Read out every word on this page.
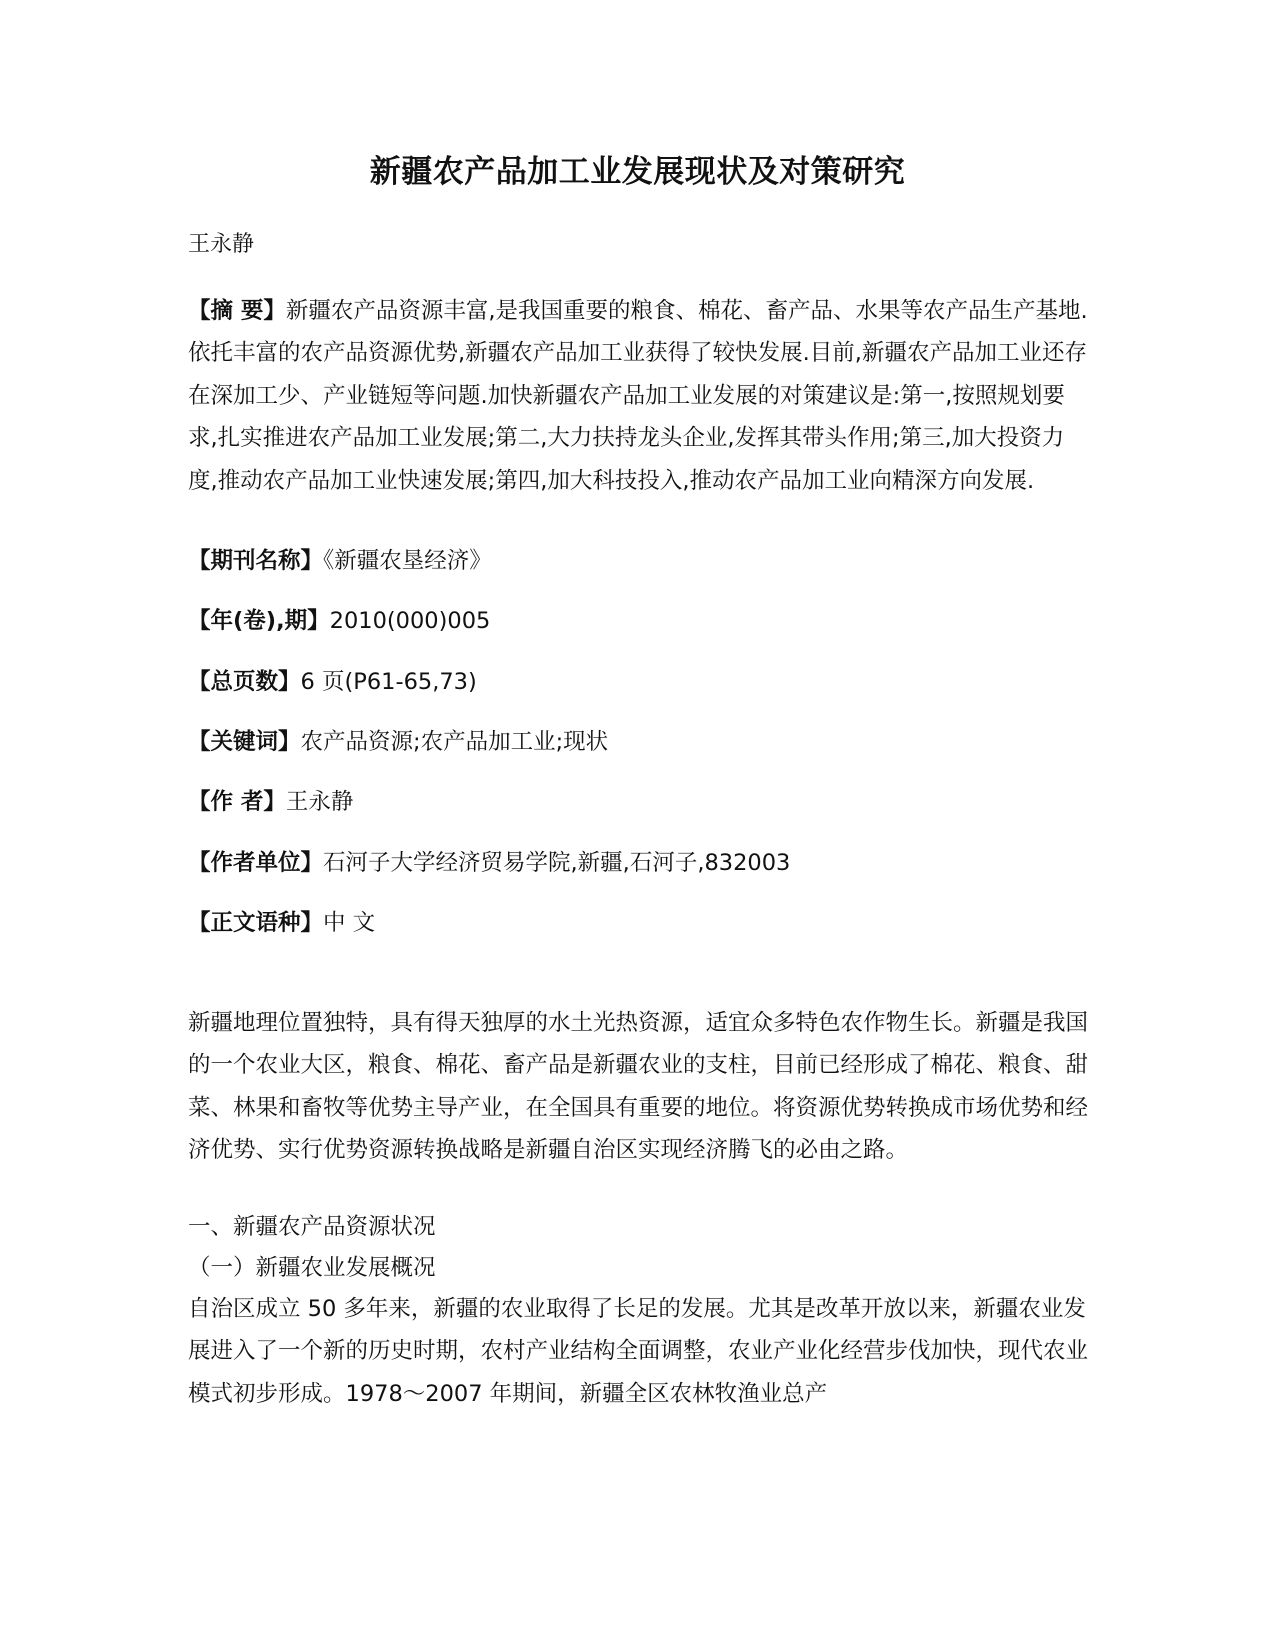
新疆农产品加工业发展现状及对策研究
王永静
【摘 要】新疆农产品资源丰富,是我国重要的粮食、棉花、畜产品、水果等农产品生产基地.依托丰富的农产品资源优势,新疆农产品加工业获得了较快发展.目前,新疆农产品加工业还存在深加工少、产业链短等问题.加快新疆农产品加工业发展的对策建议是:第一,按照规划要求,扎实推进农产品加工业发展;第二,大力扶持龙头企业,发挥其带头作用;第三,加大投资力度,推动农产品加工业快速发展;第四,加大科技投入,推动农产品加工业向精深方向发展.
【期刊名称】《新疆农垦经济》
【年(卷),期】2010(000)005
【总页数】6 页(P61-65,73)
【关键词】农产品资源;农产品加工业;现状
【作 者】王永静
【作者单位】石河子大学经济贸易学院,新疆,石河子,832003
【正文语种】中 文
新疆地理位置独特，具有得天独厚的水土光热资源，适宜众多特色农作物生长。新疆是我国的一个农业大区，粮食、棉花、畜产品是新疆农业的支柱，目前已经形成了棉花、粮食、甜菜、林果和畜牧等优势主导产业，在全国具有重要的地位。将资源优势转换成市场优势和经济优势、实行优势资源转换战略是新疆自治区实现经济腾飞的必由之路。
一、新疆农产品资源状况
（一）新疆农业发展概况
自治区成立 50 多年来，新疆的农业取得了长足的发展。尤其是改革开放以来，新疆农业发展进入了一个新的历史时期，农村产业结构全面调整，农业产业化经营步伐加快，现代农业模式初步形成。1978～2007 年期间，新疆全区农林牧渔业总产
